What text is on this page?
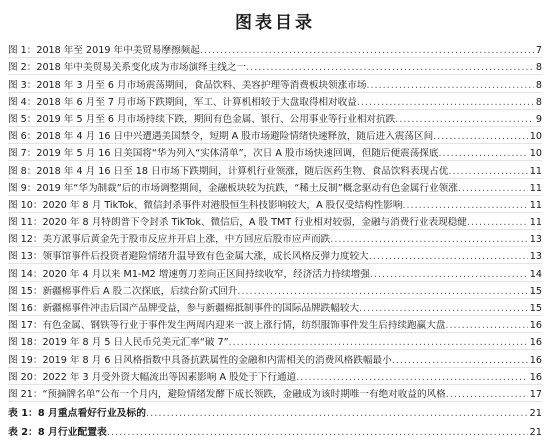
图表目录
图 1：2018 年至 2019 年中美贸易摩擦频起 .....	7
图 2：2018 年中美贸易关系变化成为市场演绎主线之一 .....	8
图 3：2018 年 3 月至 6 月市场震荡期间，食品饮料、美容护理等消费板块领涨市场 .....	8
图 4：2018 年 6 月至 7 月市场下跌期间，军工、计算机相较于大盘取得相对收益 .....	8
图 5：2019 年 5 月至 6 月市场持续下跌，期间有色金属、银行、公用事业等行业相对抗跌 .....	9
图 6：2018 年 4 月 16 日中兴遭遇美国禁令，短期 A 股市场避险情绪快速释放，随后进入震荡区间 .....	10
图 7：2019 年 5 月 16 日美国将“华为列入“实体清单”，次日 A 股市场快速回调，但随后便震荡探底 .....	10
图 8：2018 年 4 月 16 日至 18 日市场下跌期间，计算机行业领涨，随后医药生物、食品饮料表现占优 .....	11
图 9：2019 年“华为制裁”后的市场调整期间，金融板块较为抗跌，“稀土反制”概念驱动有色金属行业领涨 .....	11
图 10：2020 年 8 月 TikTok、微信封杀事件对港股恒生科技影响较大，A 股仅受结构性影响 .....	11
图 11：2020 年 8 月特朗普下令封杀 TikTok、微信后，A 股 TMT 行业相对较弱，金融与消费行业表现稳健 .....	11
图 12：美方派事后黄金先于股市反应并开启上涨，中方回应后股市应声而跌 .....	13
图 13：领事馆事件后投资者避险情绪升温导致有色金属大涨，成长风格反弹力度较大 .....	13
图 14：2020 年 4 月以来 M1-M2 增速剪刀差向正区间持续收窄，经济活力持续增强 .....	14
图 15：新疆棉事件后 A 股二次探底，后续台阶式回升 .....	15
图 16：新疆棉事件冲击后国产品牌受益，参与新疆棉抵制事件的国际品牌跌幅较大 .....	15
图 17：有色金属、钢铁等行业于事件发生两周内迎来一波上涨行情，纺织服饰事件发生后持续跑赢大盘 .....	16
图 18：2019 年 8 月 5 日人民币兑美元汇率“破 7” .....	16
图 19：2019 年 8 月 6 日风格指数中具备抗跌属性的金融和内需相关的消费风格跌幅最小 .....	16
图 20：2022 年 3 月受外资大幅流出等因素影响 A 股处于下行通道 .....	16
图 21：“预摘牌名单”公布一个月内，避险情绪发酵下成长领跌，金融成为该时期唯一有绝对收益的风格 .....	17
表 1：8 月重点看好行业及标的 .....	21
表 2：8 月行业配置表 .....	21
